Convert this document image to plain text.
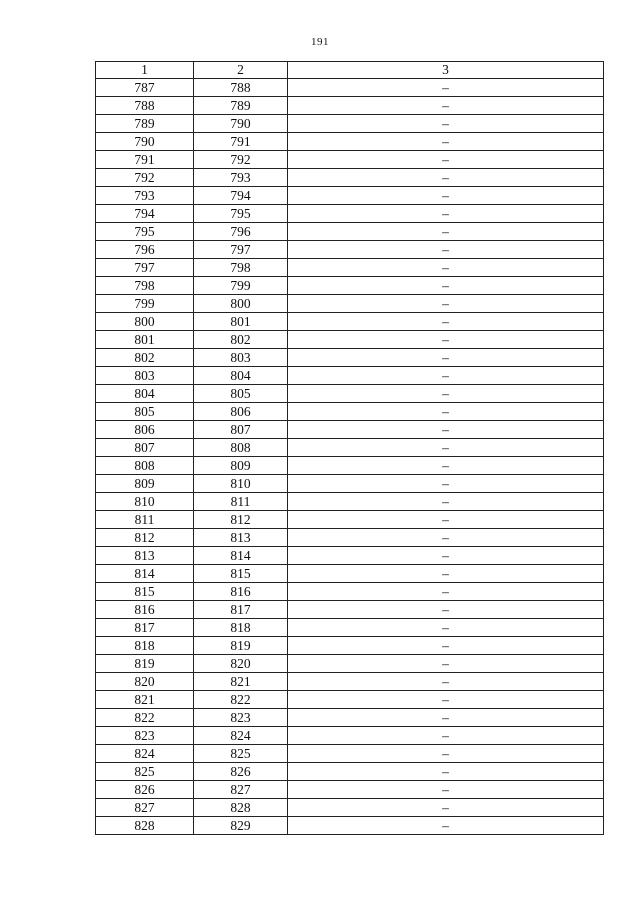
191
1	2	3
787	788	–
788	789	–
789	790	–
790	791	–
791	792	–
792	793	–
793	794	–
794	795	–
795	796	–
796	797	–
797	798	–
798	799	–
799	800	–
800	801	–
801	802	–
802	803	–
803	804	–
804	805	–
805	806	–
806	807	–
807	808	–
808	809	–
809	810	–
810	811	–
811	812	–
812	813	–
813	814	–
814	815	–
815	816	–
816	817	–
817	818	–
818	819	–
819	820	–
820	821	–
821	822	–
822	823	–
823	824	–
824	825	–
825	826	–
826	827	–
827	828	–
828	829	–
